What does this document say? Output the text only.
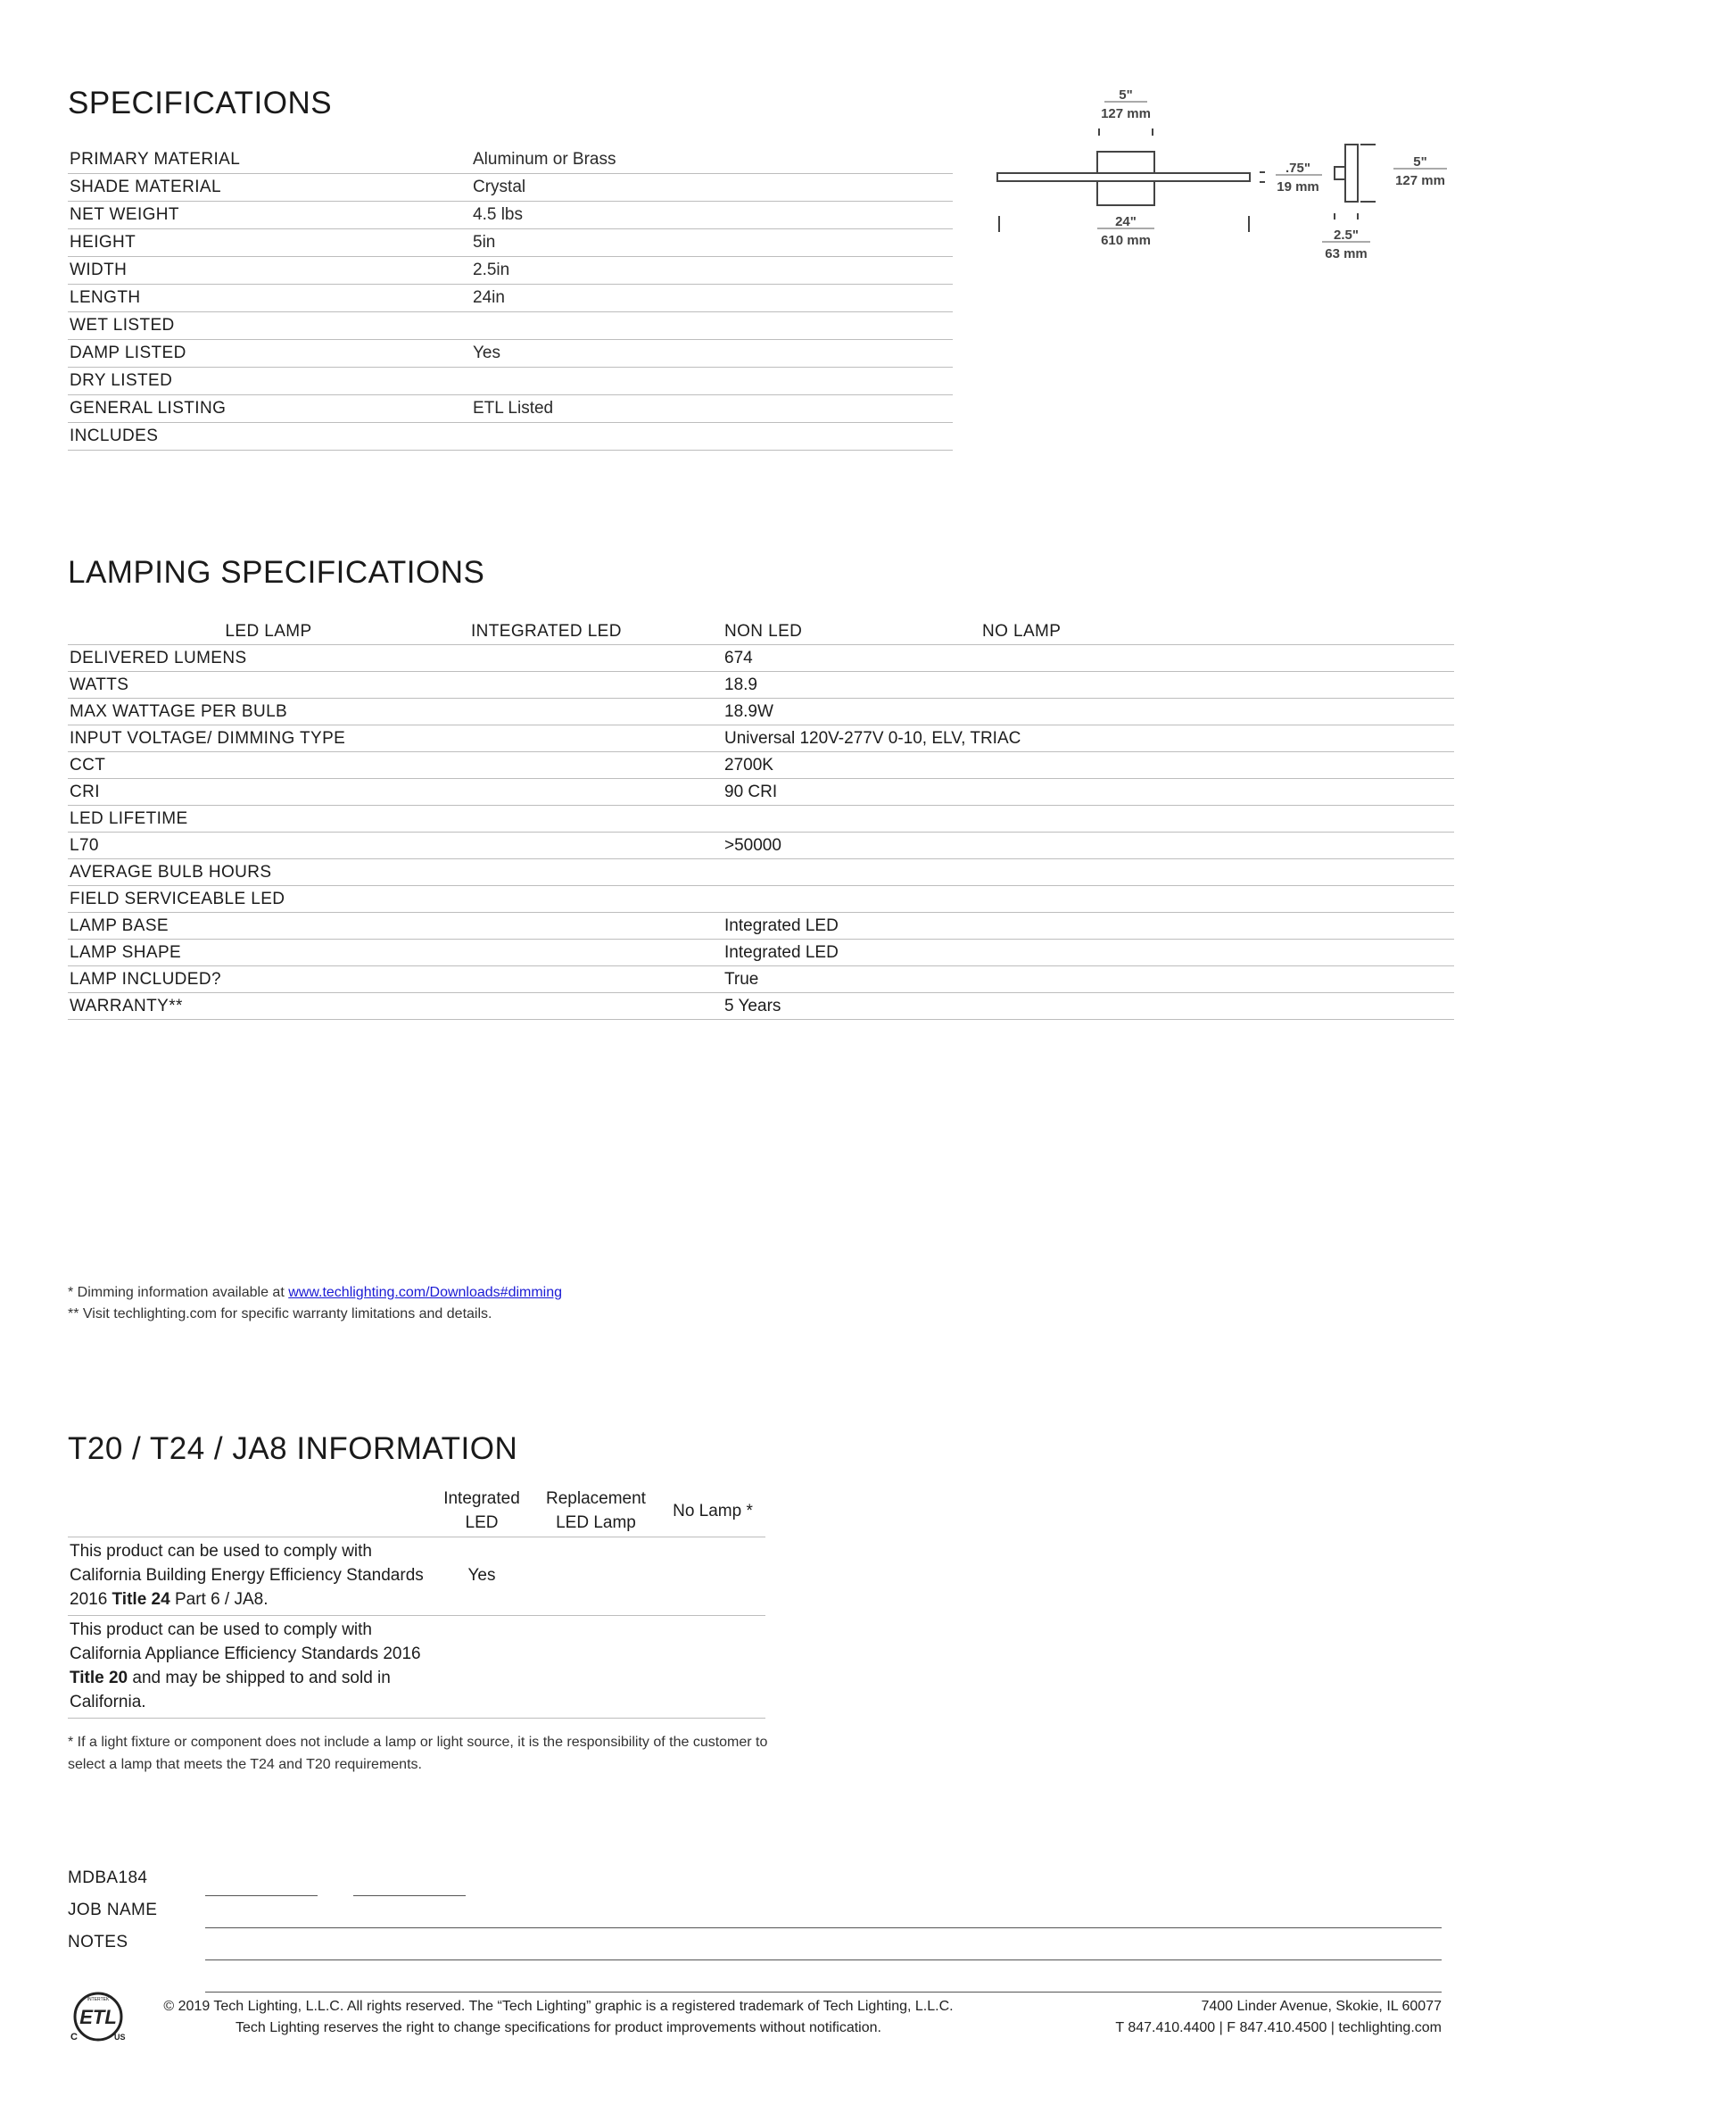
SPECIFICATIONS
PRIMARY MATERIAL	Aluminum or Brass
SHADE MATERIAL	Crystal
NET WEIGHT	4.5 lbs
HEIGHT	5in
WIDTH	2.5in
LENGTH	24in
WET LISTED	
DAMP LISTED	Yes
DRY LISTED	
GENERAL LISTING	ETL Listed
INCLUDES	
5"
127 mm
24"
610 mm
.75"
19 mm
5"
127 mm
2.5"
63 mm
LAMPING SPECIFICATIONS
LED LAMP	INTEGRATED LED	NON LED	NO LAMP
DELIVERED LUMENS		674	
WATTS		18.9	
MAX WATTAGE PER BULB		18.9W	
INPUT VOLTAGE/ DIMMING TYPE		Universal 120V-277V 0-10, ELV, TRIAC	
CCT		2700K	
CRI		90 CRI	
LED LIFETIME			
L70		>50000	
AVERAGE BULB HOURS			
FIELD SERVICEABLE LED			
LAMP BASE		Integrated LED	
LAMP SHAPE		Integrated LED	
LAMP INCLUDED?		True	
WARRANTY**		5 Years	
* Dimming information available at www.techlighting.com/Downloads#dimming
** Visit techlighting.com for specific warranty limitations and details.
T20 / T24 / JA8 INFORMATION
	Integrated LED	Replacement LED Lamp	No Lamp *
This product can be used to comply with California Building Energy Efficiency Standards 2016 Title 24 Part 6 / JA8.	Yes		
This product can be used to comply with California Appliance Efficiency Standards 2016 Title 20 and may be shipped to and sold in California.			
* If a light fixture or component does not include a lamp or light source, it is the responsibility of the customer to select a lamp that meets the T24 and T20 requirements.
MDBA184
JOB NAME
NOTES
INTERTEK
ETL
C	US
© 2019 Tech Lighting, L.L.C. All rights reserved. The “Tech Lighting” graphic is a registered trademark of Tech Lighting, L.L.C.
Tech Lighting reserves the right to change specifications for product improvements without notification.
7400 Linder Avenue, Skokie, IL 60077
T 847.410.4400 | F 847.410.4500 | techlighting.com
